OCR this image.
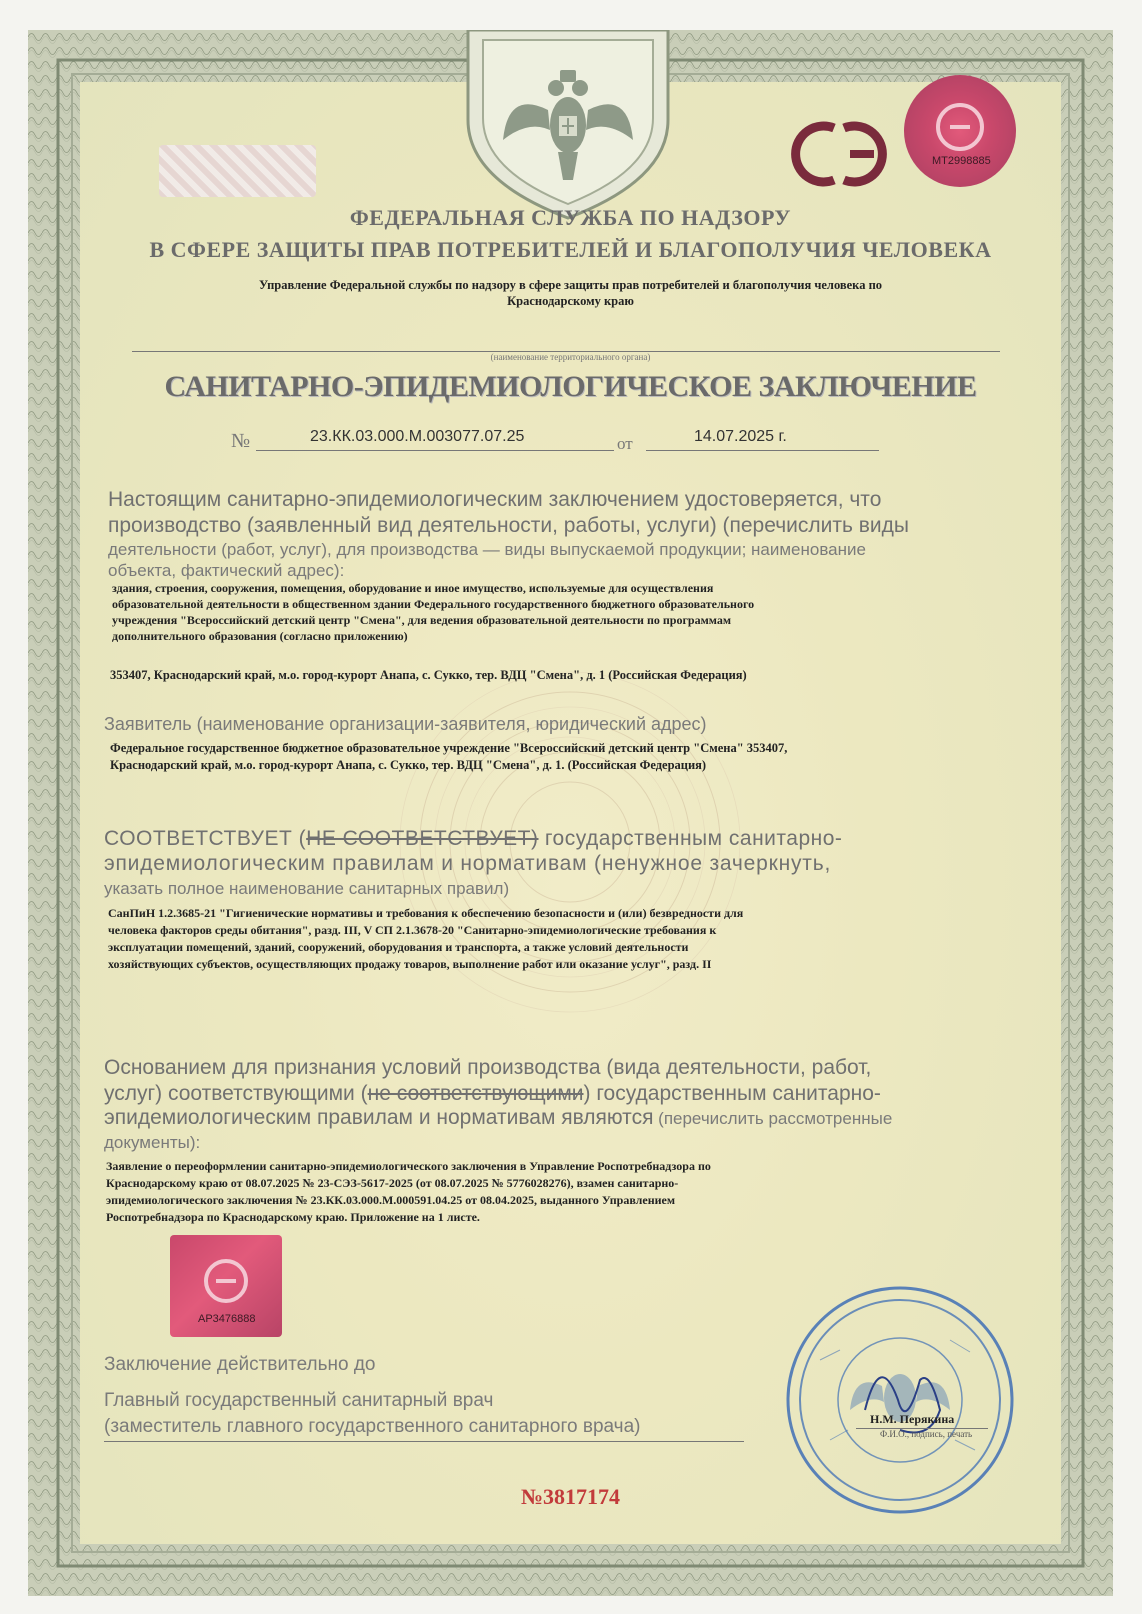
МТ2998885
ФЕДЕРАЛЬНАЯ СЛУЖБА ПО НАДЗОРУ
В СФЕРЕ ЗАЩИТЫ ПРАВ ПОТРЕБИТЕЛЕЙ И БЛАГОПОЛУЧИЯ ЧЕЛОВЕКА
Управление Федеральной службы по надзору в сфере защиты прав потребителей и благополучия человека по
Краснодарскому краю
(наименование территориального органа)
САНИТАРНО-ЭПИДЕМИОЛОГИЧЕСКОЕ ЗАКЛЮЧЕНИЕ
№	23.КК.03.000.М.003077.07.25	от	14.07.2025 г.
Настоящим санитарно-эпидемиологическим заключением удостоверяется, что
производство (заявленный вид деятельности, работы, услуги) (перечислить виды
деятельности (работ, услуг), для производства — виды выпускаемой продукции; наименование
объекта, фактический адрес):
здания, строения, сооружения, помещения, оборудование и иное имущество, используемые для осуществления
образовательной деятельности в общественном здании Федерального государственного бюджетного образовательного
учреждения "Всероссийский детский центр "Смена", для ведения образовательной деятельности по программам
дополнительного образования (согласно приложению)
353407, Краснодарский край, м.о. город-курорт Анапа, с. Сукко, тер. ВДЦ "Смена", д. 1 (Российская Федерация)
Заявитель (наименование организации-заявителя, юридический адрес)
Федеральное государственное бюджетное образовательное учреждение "Всероссийский детский центр "Смена" 353407,
Краснодарский край, м.о. город-курорт Анапа, с. Сукко, тер. ВДЦ "Смена", д. 1. (Российская Федерация)
СООТВЕТСТВУЕТ (НЕ СООТВЕТСТВУЕТ) государственным санитарно-
эпидемиологическим правилам и нормативам (ненужное зачеркнуть,
указать полное наименование санитарных правил)
СанПиН 1.2.3685-21 "Гигиенические нормативы и требования к обеспечению безопасности и (или) безвредности для
человека факторов среды обитания", разд. III, V СП 2.1.3678-20 "Санитарно-эпидемиологические требования к
эксплуатации помещений, зданий, сооружений, оборудования и транспорта, а также условий деятельности
хозяйствующих субъектов, осуществляющих продажу товаров, выполнение работ или оказание услуг", разд. II
Основанием для признания условий производства (вида деятельности, работ,
услуг) соответствующими (не соответствующими) государственным санитарно-
эпидемиологическим правилам и нормативам являются (перечислить рассмотренные
документы):
Заявление о переоформлении санитарно-эпидемиологического заключения в Управление Роспотребнадзора по
Краснодарскому краю от 08.07.2025 № 23-СЭЗ-5617-2025 (от 08.07.2025 № 5776028276), взамен санитарно-
эпидемиологического заключения № 23.КК.03.000.М.000591.04.25 от 08.04.2025, выданного Управлением
Роспотребнадзора по Краснодарскому краю. Приложение на 1 листе.
АР3476888
Заключение действительно до
Главный государственный санитарный врач
(заместитель главного государственного санитарного врача)	Н.М. Перякина
Ф.И.О., подпись, печать
№3817174
